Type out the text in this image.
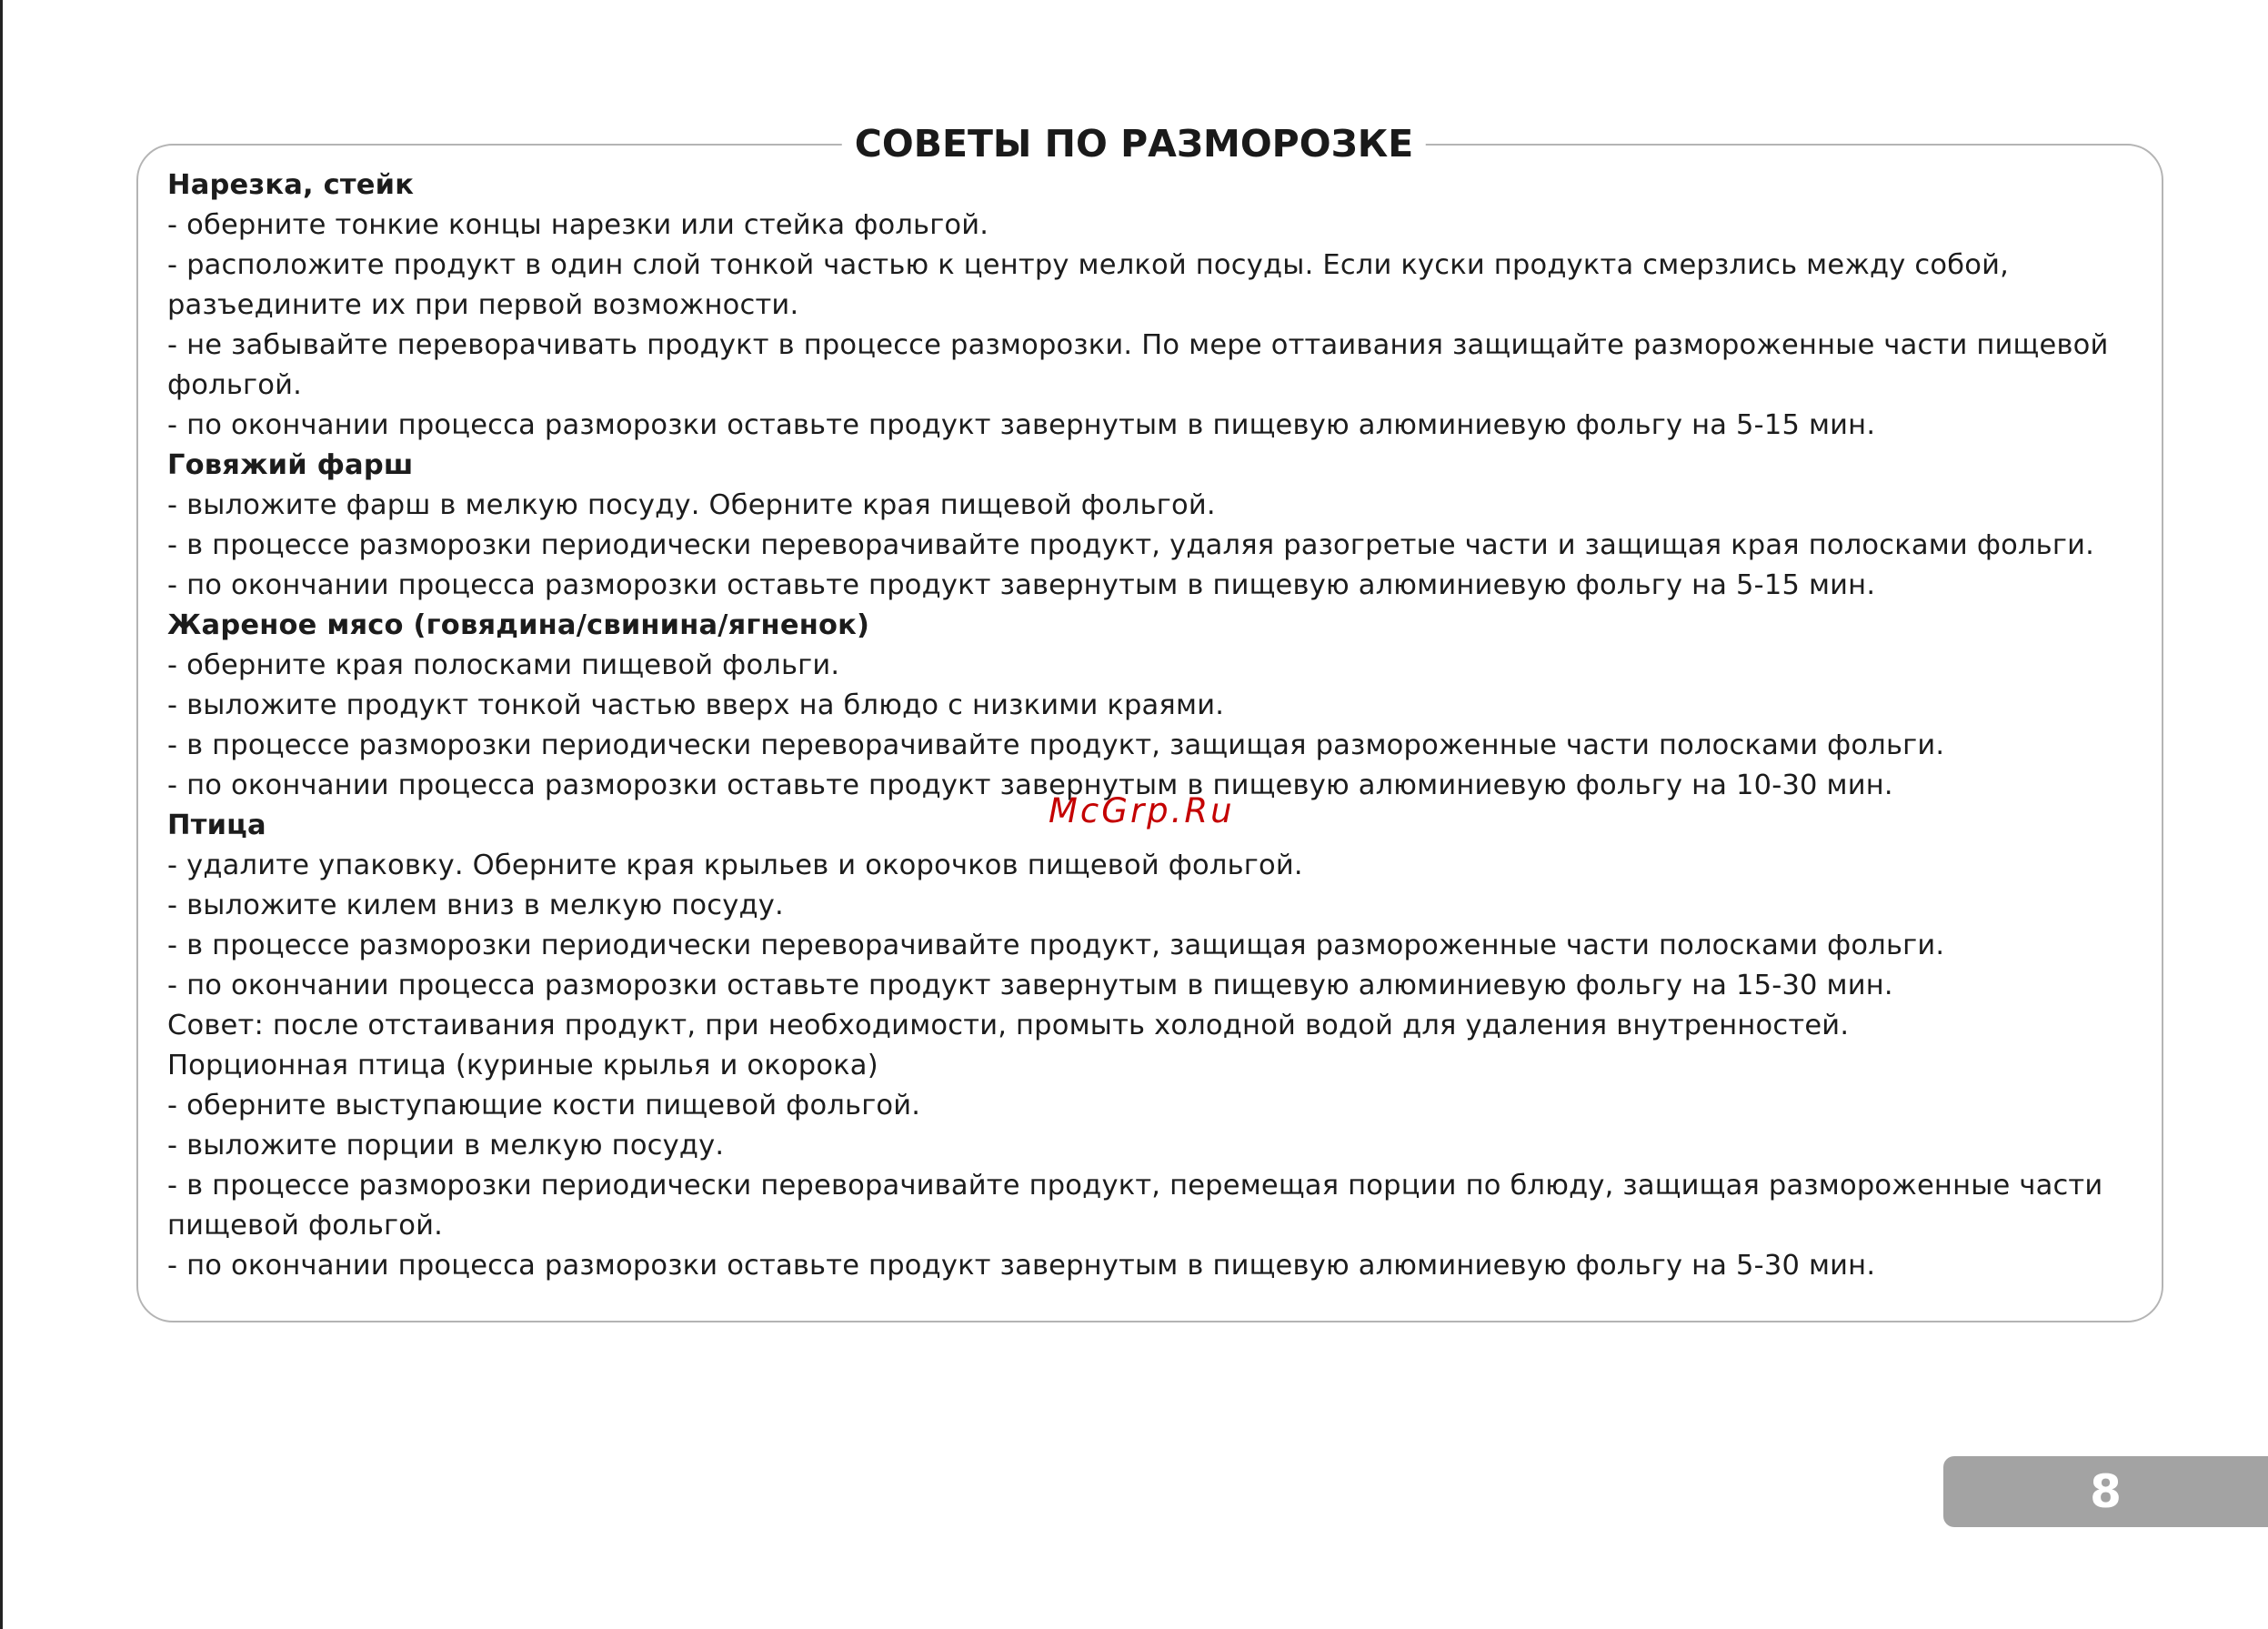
СОВЕТЫ ПО РАЗМОРОЗКЕ

Нарезка, стейк

- оберните тонкие концы нарезки или стейка фольгой.

- расположите продукт в один слой тонкой частью к центру мелкой посуды. Если куски продукта смерзлись между собой, разъедините их при первой возможности.

- не забывайте переворачивать продукт в процессе разморозки. По мере оттаивания защищайте размороженные части пищевой фольгой.

- по окончании процесса разморозки оставьте продукт завернутым в пищевую алюминиевую фольгу на 5-15 мин.

Говяжий фарш

- выложите фарш в мелкую посуду. Оберните края пищевой фольгой.

- в процессе разморозки периодически переворачивайте продукт, удаляя разогретые части и защищая края полосками фольги.

- по окончании процесса разморозки оставьте продукт завернутым в пищевую алюминиевую фольгу на 5-15 мин.

Жареное мясо (говядина/свинина/ягненок)

- оберните края полосками пищевой фольги.

- выложите продукт тонкой частью вверх на блюдо с низкими краями.

- в процессе разморозки периодически переворачивайте продукт, защищая размороженные части полосками фольги.

- по окончании процесса разморозки оставьте продукт завернутым в пищевую алюминиевую фольгу на 10-30 мин.

Птица

- удалите упаковку. Оберните края крыльев и окорочков пищевой фольгой.

- выложите килем вниз в мелкую посуду.

- в процессе разморозки периодически переворачивайте продукт, защищая размороженные части полосками фольги.

- по окончании процесса разморозки оставьте продукт завернутым в пищевую алюминиевую фольгу на 15-30 мин.

Совет: после отстаивания продукт, при необходимости, промыть холодной водой для удаления внутренностей.

Порционная птица (куриные крылья и окорока)

- оберните выступающие кости пищевой фольгой.

- выложите порции в мелкую посуду.

- в процессе разморозки периодически переворачивайте продукт, перемещая порции по блюду, защищая размороженные части пищевой фольгой.

- по окончании процесса разморозки оставьте продукт завернутым в пищевую алюминиевую фольгу на 5-30 мин.

McGrp.Ru
8
